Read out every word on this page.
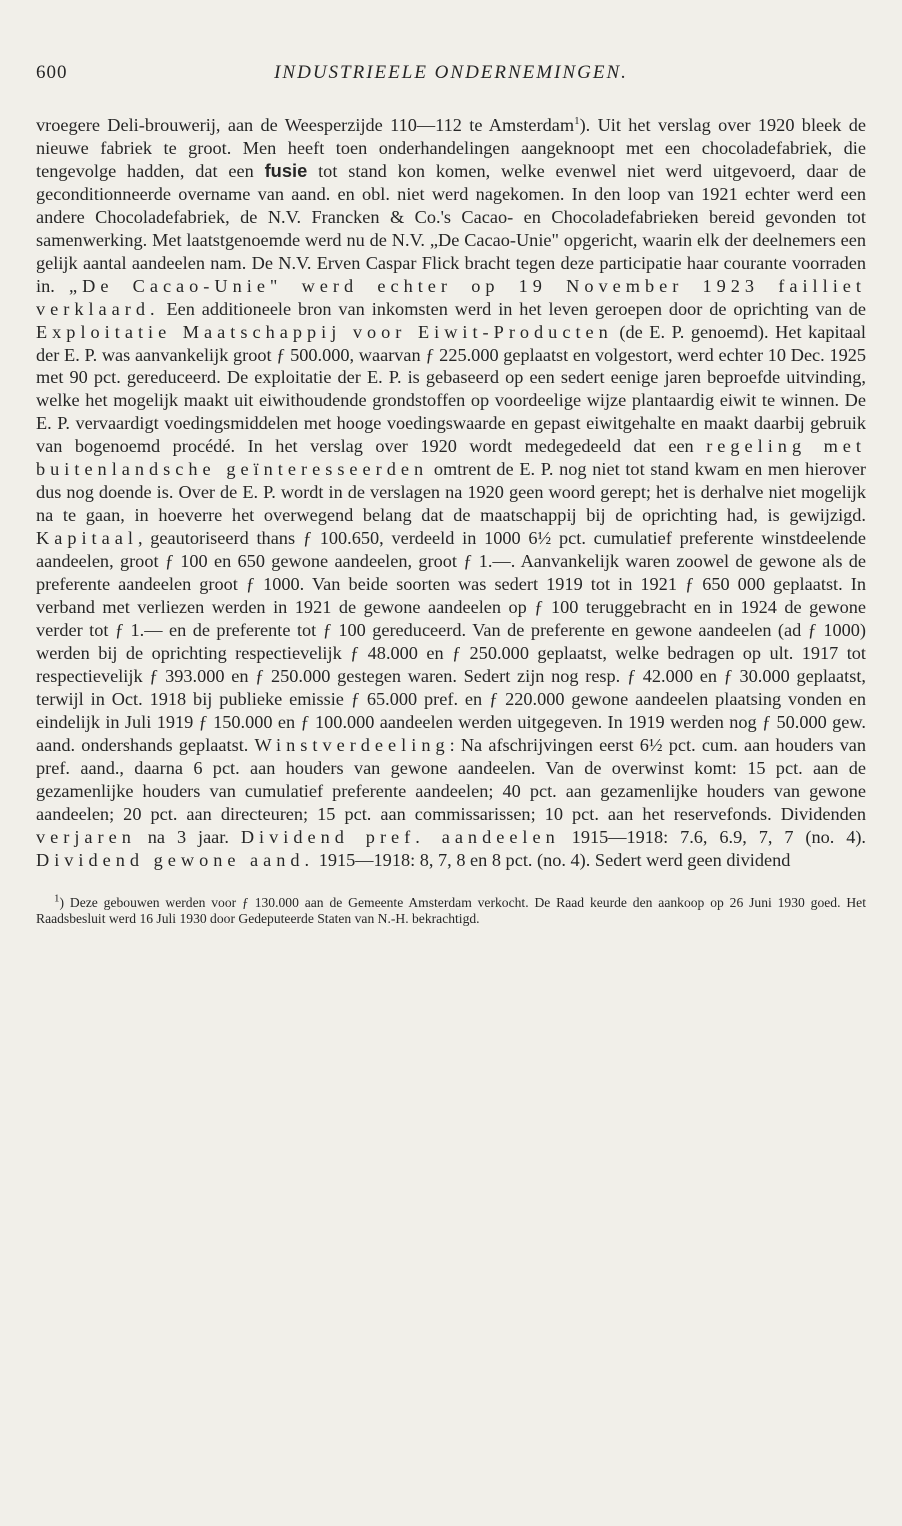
600	INDUSTRIEELE ONDERNEMINGEN.

vroegere Deli-brouwerij, aan de Weesperzijde 110—112 te Amsterdam$^1$). Uit het verslag over 1920 bleek de nieuwe fabriek te groot. Men heeft toen onderhandelingen aangeknoopt met een chocoladefabriek, die tengevolge hadden, dat een fusie tot stand kon komen, welke evenwel niet werd uitgevoerd, daar de geconditionneerde overname van aand. en obl. niet werd nagekomen. In den loop van 1921 echter werd een andere Chocoladefabriek, de N.V. Francken & Co.'s Cacao- en Chocoladefabrieken bereid gevonden tot samenwerking. Met laatstgenoemde werd nu de N.V. „De Cacao-Unie" opgericht, waarin elk der deelnemers een gelijk aantal aandeelen nam. De N.V. Erven Caspar Flick bracht tegen deze participatie haar courante voorraden in. „De Cacao-Unie" werd echter op 19 November 1923 failliet verklaard. Een additioneele bron van inkomsten werd in het leven geroepen door de oprichting van de Exploitatie Maatschappij voor Eiwit-Producten (de E. P. genoemd). Het kapitaal der E. P. was aanvankelijk groot ƒ 500.000, waarvan ƒ 225.000 geplaatst en volgestort, werd echter 10 Dec. 1925 met 90 pct. gereduceerd. De exploitatie der E. P. is gebaseerd op een sedert eenige jaren beproefde uitvinding, welke het mogelijk maakt uit eiwithoudende grondstoffen op voordeelige wijze plantaardig eiwit te winnen. De E. P. vervaardigt voedingsmiddelen met hooge voedingswaarde en gepast eiwitgehalte en maakt daarbij gebruik van bogenoemd procédé. In het verslag over 1920 wordt medegedeeld dat een regeling met buitenlandsche geïnteresseerden omtrent de E. P. nog niet tot stand kwam en men hierover dus nog doende is. Over de E. P. wordt in de verslagen na 1920 geen woord gerept; het is derhalve niet mogelijk na te gaan, in hoeverre het overwegend belang dat de maatschappij bij de oprichting had, is gewijzigd. Kapitaal, geautoriseerd thans ƒ 100.650, verdeeld in 1000 6½ pct. cumulatief preferente winstdeelende aandeelen, groot ƒ 100 en 650 gewone aandeelen, groot ƒ 1.—. Aanvankelijk waren zoowel de gewone als de preferente aandeelen groot ƒ 1000. Van beide soorten was sedert 1919 tot in 1921 ƒ 650 000 geplaatst. In verband met verliezen werden in 1921 de gewone aandeelen op ƒ 100 teruggebracht en in 1924 de gewone verder tot ƒ 1.— en de preferente tot ƒ 100 gereduceerd. Van de preferente en gewone aandeelen (ad ƒ 1000) werden bij de oprichting respectievelijk ƒ 48.000 en ƒ 250.000 geplaatst, welke bedragen op ult. 1917 tot respectievelijk ƒ 393.000 en ƒ 250.000 gestegen waren. Sedert zijn nog resp. ƒ 42.000 en ƒ 30.000 geplaatst, terwijl in Oct. 1918 bij publieke emissie ƒ 65.000 pref. en ƒ 220.000 gewone aandeelen plaatsing vonden en eindelijk in Juli 1919 ƒ 150.000 en ƒ 100.000 aandeelen werden uitgegeven. In 1919 werden nog ƒ 50.000 gew. aand. ondershands geplaatst. Winstverdeeling: Na afschrijvingen eerst 6½ pct. cum. aan houders van pref. aand., daarna 6 pct. aan houders van gewone aandeelen. Van de overwinst komt: 15 pct. aan de gezamenlijke houders van cumulatief preferente aandeelen; 40 pct. aan gezamenlijke houders van gewone aandeelen; 20 pct. aan directeuren; 15 pct. aan commissarissen; 10 pct. aan het reservefonds. Dividenden verjaren na 3 jaar. Dividend pref. aandeelen 1915—1918: 7.6, 6.9, 7, 7 (no. 4). Dividend gewone aand. 1915—1918: 8, 7, 8 en 8 pct. (no. 4). Sedert werd geen dividend

$^1$) Deze gebouwen werden voor ƒ 130.000 aan de Gemeente Amsterdam verkocht. De Raad keurde den aankoop op 26 Juni 1930 goed. Het Raadsbesluit werd 16 Juli 1930 door Gedeputeerde Staten van N.-H. bekrachtigd.
